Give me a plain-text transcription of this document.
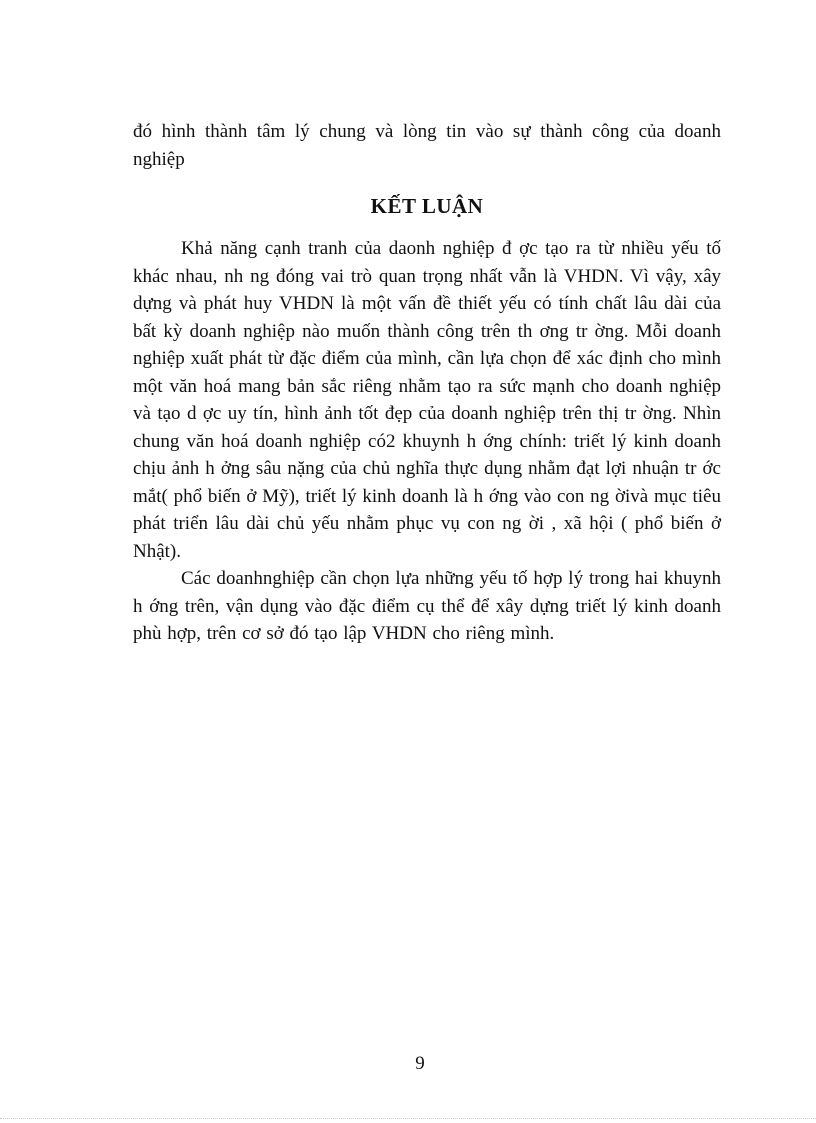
đó hình thành tâm lý chung và lòng tin vào sự thành công của doanh nghiệp

KẾT LUẬN

Khả năng cạnh tranh của daonh nghiệp đ ợc tạo ra từ nhiều yếu tố khác nhau, nh ng đóng vai trò quan trọng nhất vẫn là VHDN. Vì vậy, xây dựng và phát huy VHDN là một vấn đề thiết yếu có tính chất lâu dài của bất kỳ doanh nghiệp nào muốn thành công trên th ơng tr ờng. Mỗi doanh nghiệp xuất phát từ đặc điểm của mình, cần lựa chọn để xác định cho mình một văn hoá mang bản sắc riêng nhằm tạo ra sức mạnh cho doanh nghiệp và tạo d ợc uy tín, hình ảnh tốt đẹp của doanh nghiệp trên thị tr ờng. Nhìn chung văn hoá doanh nghiệp có2 khuynh h ớng chính: triết lý kinh doanh chịu ảnh h ởng sâu nặng của chủ nghĩa thực dụng nhằm đạt lợi nhuận tr ớc mắt( phổ biến ở Mỹ), triết lý kinh doanh là h ớng vào con ng ờivà mục tiêu phát triển lâu dài chủ yếu nhằm phục vụ con ng ời , xã hội ( phổ biến ở Nhật).

Các doanhnghiệp cần chọn lựa những yếu tố hợp lý trong hai khuynh h ớng trên, vận dụng vào đặc điểm cụ thể để xây dựng triết lý kinh doanh phù hợp, trên cơ sở đó tạo lập VHDN cho riêng mình.

9
